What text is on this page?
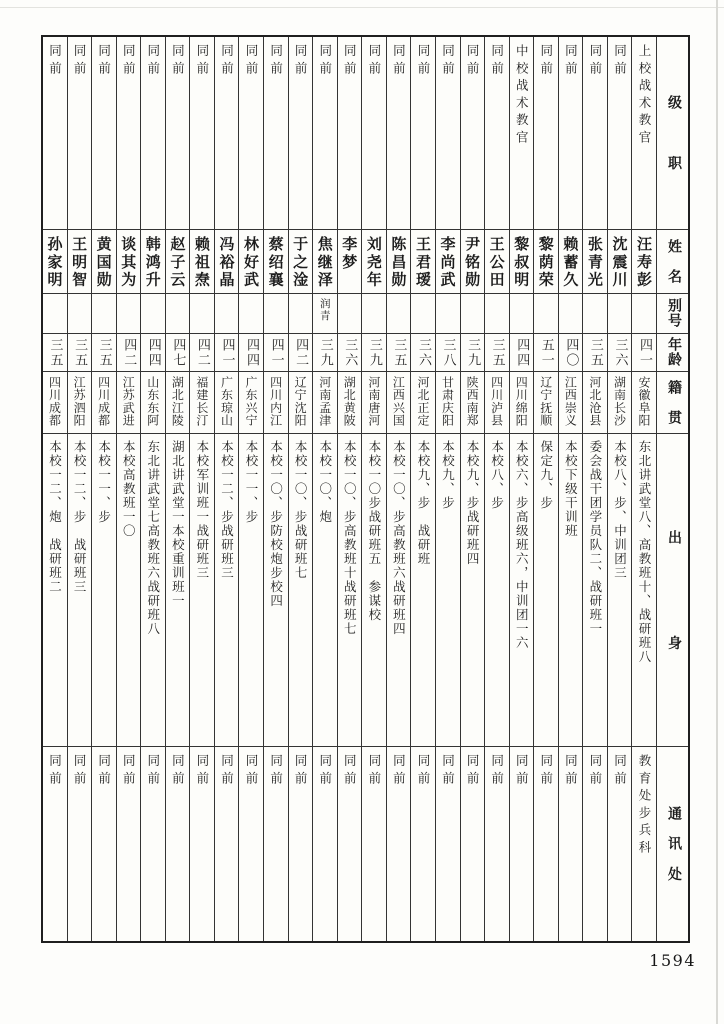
级　　　职
姓　名
别号
年龄
籍　贯
出　　　　　　身
通　讯　处
上校战术教官
汪寿彭
四一
安徽阜阳
东北讲武堂八、高教班十、战研班八
教育处步兵科
同前
沈震川
三六
湖南长沙
本校八、步、中训团三
同前
同前
张青光
三五
河北沧县
委会战干团学员队二、战研班一
同前
同前
赖蓄久
四〇
江西崇义
本校下级干训班
同前
同前
黎荫荣
五一
辽宁抚顺
保定九、步
同前
中校战术教官
黎叔明
四四
四川绵阳
本校六、步高级班六，中训团一六
同前
同前
王公田
三五
四川泸县
本校八、步
同前
同前
尹铭勋
三九
陕西南郑
本校九、步战研班四
同前
同前
李尚武
三八
甘肃庆阳
本校九、步
同前
同前
王君瑷
三六
河北正定
本校九、步　战研班
同前
同前
陈昌勋
三五
江西兴国
本校一〇、步高教班六战研班四
同前
同前
刘尧年
三九
河南唐河
本校一〇步战研班五　参谋校
同前
同前
李梦
三六
湖北黄陂
本校一〇、步高教班十战研班七
同前
同前
焦继泽
润青
三九
河南孟津
本校一〇、炮
同前
同前
于之淦
四二
辽宁沈阳
本校一〇、步战研班七
同前
同前
蔡绍襄
四一
四川内江
本校一〇、步防校炮步校四
同前
同前
林好武
四四
广东兴宁
本校一一、步
同前
同前
冯裕晶
四一
广东琼山
本校一二、步战研班三
同前
同前
赖祖焘
四二
福建长汀
本校军训班一战研班三
同前
同前
赵子云
四七
湖北江陵
湖北讲武堂一本校重训班一
同前
同前
韩鸿升
四四
山东东阿
东北讲武堂七高教班六战研班八
同前
同前
谈其为
四二
江苏武进
本校高教班一〇
同前
同前
黄国勋
三五
四川成都
本校一一、步
同前
同前
王明智
三五
江苏泗阳
本校一二、步　战研班三
同前
同前
孙家明
三五
四川成都
本校一二、炮　战研班二
同前
1594
